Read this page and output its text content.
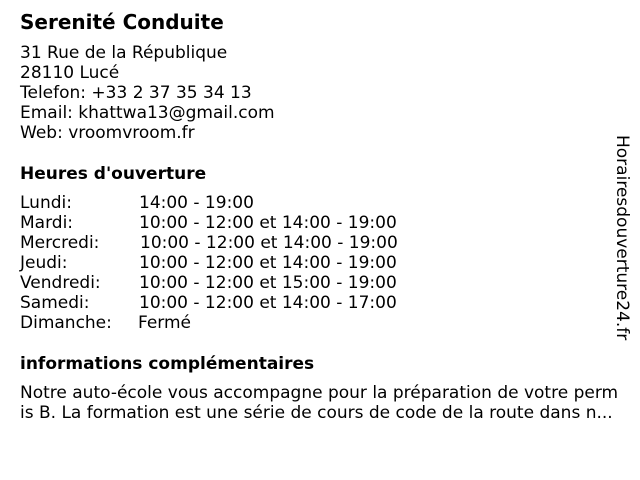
Serenité Conduite
31 Rue de la République
28110 Lucé
Telefon: +33 2 37 35 34 13
Email: khattwa13@gmail.com
Web: vroomvroom.fr
Heures d'ouverture
Lundi:	14:00 - 19:00
Mardi:	10:00 - 12:00 et 14:00 - 19:00
Mercredi: 10:00 - 12:00 et 14:00 - 19:00
Jeudi:	10:00 - 12:00 et 14:00 - 19:00
Vendredi: 10:00 - 12:00 et 15:00 - 19:00
Samedi:	10:00 - 12:00 et 14:00 - 17:00
Dimanche: Fermé
informations complémentaires
Notre auto-école vous accompagne pour la préparation de votre perm
is B. La formation est une série de cours de code de la route dans n...
Horairesdouverture24.fr
